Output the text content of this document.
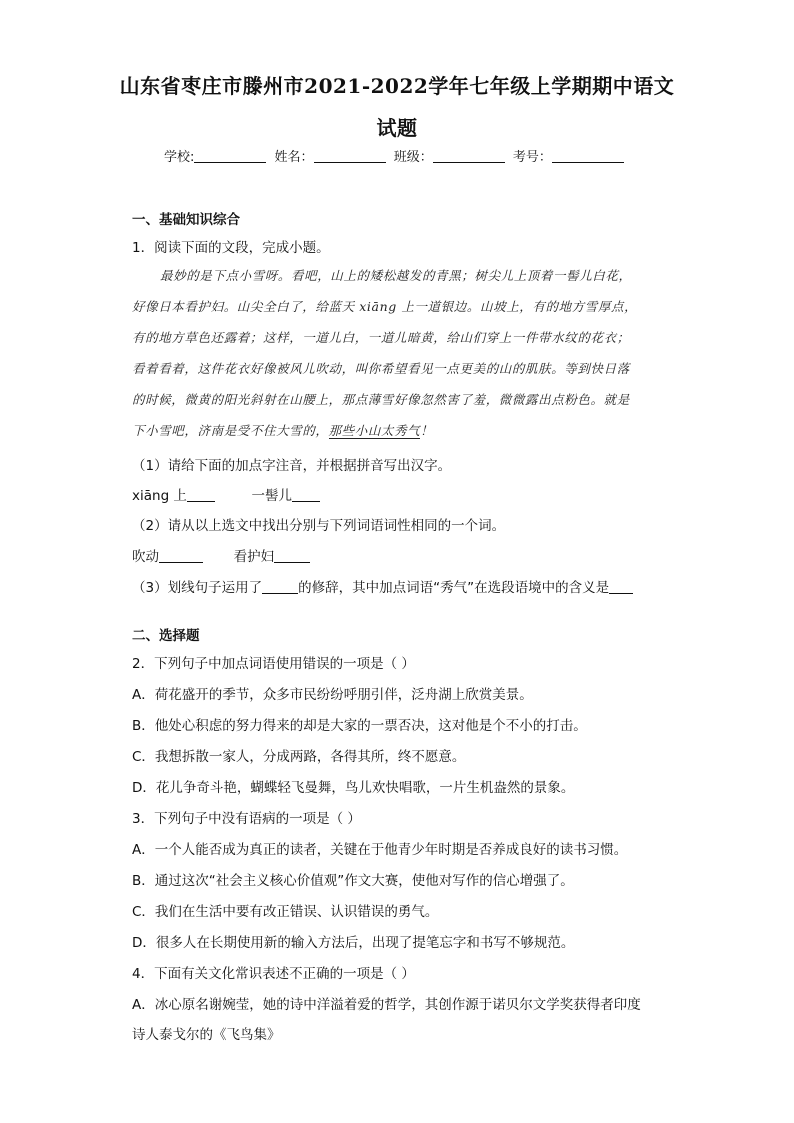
山东省枣庄市滕州市2021-2022学年七年级上学期期中语文
试题
学校:	姓名：	班级：	考号：
一、基础知识综合
1．阅读下面的文段，完成小题。
最妙的是下点小雪呀。看吧，山上的矮松越发的青黑；树尖儿上顶着一髻儿白花，
好像日本看护妇。山尖全白了，给蓝天 xiāng 上一道银边。山坡上，有的地方雪厚点，
有的地方草色还露着；这样，一道儿白，一道儿暗黄，给山们穿上一件带水纹的花衣；
看着看着，这件花衣好像被风儿吹动，叫你希望看见一点更美的山的肌肤。等到快日落
的时候，微黄的阳光斜射在山腰上，那点薄雪好像忽然害了羞，微微露出点粉色。就是
下小雪吧，济南是受不住大雪的，那些小山太秀气！
（1）请给下面的加点字注音，并根据拼音写出汉字。
xiāng 上	一髻儿
（2）请从以上选文中找出分别与下列词语词性相同的一个词。
吹动	看护妇
（3）划线句子运用了	的修辞，其中加点词语“秀气”在选段语境中的含义是
二、选择题
2．下列句子中加点词语使用错误的一项是（ ）
A．荷花盛开的季节，众多市民纷纷呼朋引伴，泛舟湖上欣赏美景。
B．他处心积虑的努力得来的却是大家的一票否决，这对他是个不小的打击。
C．我想拆散一家人，分成两路，各得其所，终不愿意。
D．花儿争奇斗艳，蝴蝶轻飞曼舞，鸟儿欢快唱歌，一片生机盎然的景象。
3．下列句子中没有语病的一项是（ ）
A．一个人能否成为真正的读者，关键在于他青少年时期是否养成良好的读书习惯。
B．通过这次“社会主义核心价值观”作文大赛，使他对写作的信心增强了。
C．我们在生活中要有改正错误、认识错误的勇气。
D．很多人在长期使用新的输入方法后，出现了提笔忘字和书写不够规范。
4．下面有关文化常识表述不正确的一项是（ ）
A．冰心原名谢婉莹，她的诗中洋溢着爱的哲学，其创作源于诺贝尔文学奖获得者印度
诗人泰戈尔的《飞鸟集》
